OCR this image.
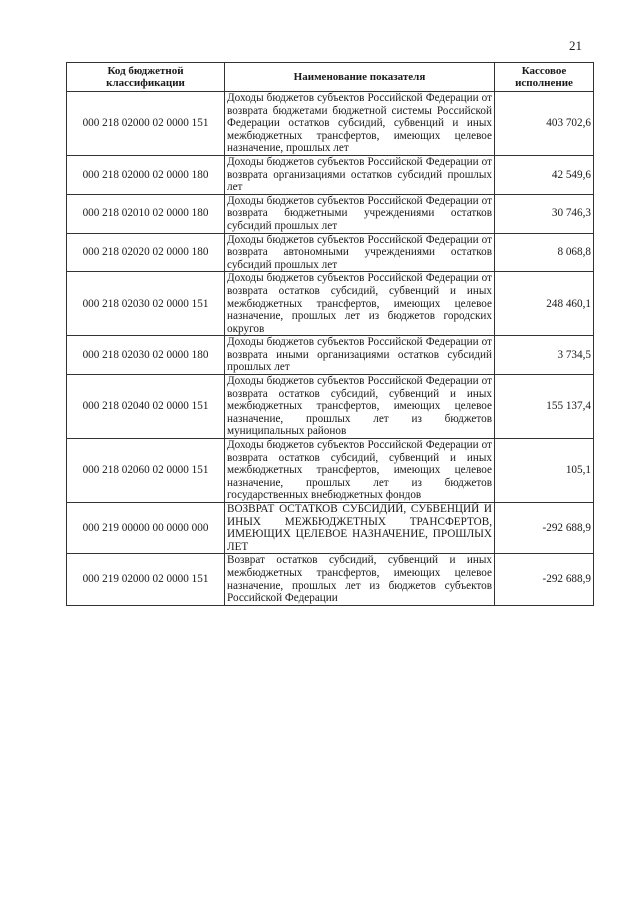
21
Код бюджетной классификации	Наименование показателя	Кассовое исполнение
000 218 02000 02 0000 151	Доходы бюджетов субъектов Российской Федерации от возврата бюджетами бюджетной системы Российской Федерации остатков субсидий, субвенций и иных межбюджетных трансфертов, имеющих целевое назначение, прошлых лет	403 702,6
000 218 02000 02 0000 180	Доходы бюджетов субъектов Российской Федерации от возврата организациями остатков субсидий прошлых лет	42 549,6
000 218 02010 02 0000 180	Доходы бюджетов субъектов Российской Федерации от возврата бюджетными учреждениями остатков субсидий прошлых лет	30 746,3
000 218 02020 02 0000 180	Доходы бюджетов субъектов Российской Федерации от возврата автономными учреждениями остатков субсидий прошлых лет	8 068,8
000 218 02030 02 0000 151	Доходы бюджетов субъектов Российской Федерации от возврата остатков субсидий, субвенций и иных межбюджетных трансфертов, имеющих целевое назначение, прошлых лет из бюджетов городских округов	248 460,1
000 218 02030 02 0000 180	Доходы бюджетов субъектов Российской Федерации от возврата иными организациями остатков субсидий прошлых лет	3 734,5
000 218 02040 02 0000 151	Доходы бюджетов субъектов Российской Федерации от возврата остатков субсидий, субвенций и иных межбюджетных трансфертов, имеющих целевое назначение, прошлых лет из бюджетов муниципальных районов	155 137,4
000 218 02060 02 0000 151	Доходы бюджетов субъектов Российской Федерации от возврата остатков субсидий, субвенций и иных межбюджетных трансфертов, имеющих целевое назначение, прошлых лет из бюджетов государственных внебюджетных фондов	105,1
000 219 00000 00 0000 000	ВОЗВРАТ ОСТАТКОВ СУБСИДИЙ, СУБВЕНЦИЙ И ИНЫХ МЕЖБЮДЖЕТНЫХ ТРАНСФЕРТОВ, ИМЕЮЩИХ ЦЕЛЕВОЕ НАЗНАЧЕНИЕ, ПРОШЛЫХ ЛЕТ	-292 688,9
000 219 02000 02 0000 151	Возврат остатков субсидий, субвенций и иных межбюджетных трансфертов, имеющих целевое назначение, прошлых лет из бюджетов субъектов Российской Федерации	-292 688,9
